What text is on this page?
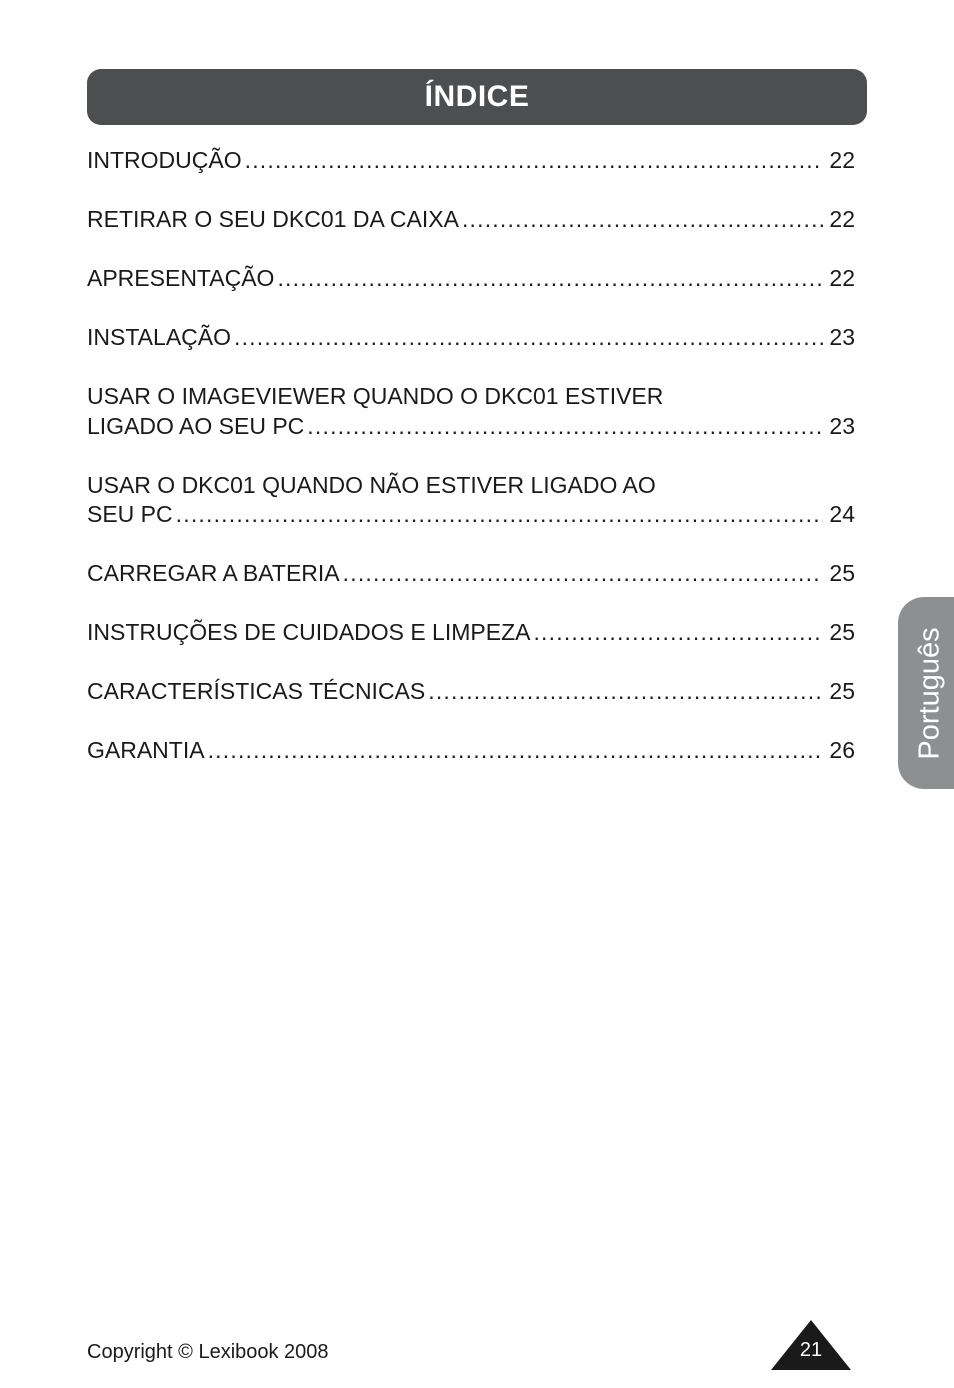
ÍNDICE
INTRODUÇÃO .....	22
RETIRAR O SEU DKC01 DA CAIXA .....	22
APRESENTAÇÃO .....	22
INSTALAÇÃO .....	23
USAR O IMAGEVIEWER QUANDO O DKC01 ESTIVER
LIGADO AO SEU PC .....	23
USAR O DKC01 QUANDO NÃO ESTIVER LIGADO AO
SEU PC .....	24
CARREGAR A BATERIA .....	25
INSTRUÇÕES DE CUIDADOS E LIMPEZA .....	25
CARACTERÍSTICAS TÉCNICAS .....	25
GARANTIA .....	26 Português
Copyright © Lexibook 2008	21
